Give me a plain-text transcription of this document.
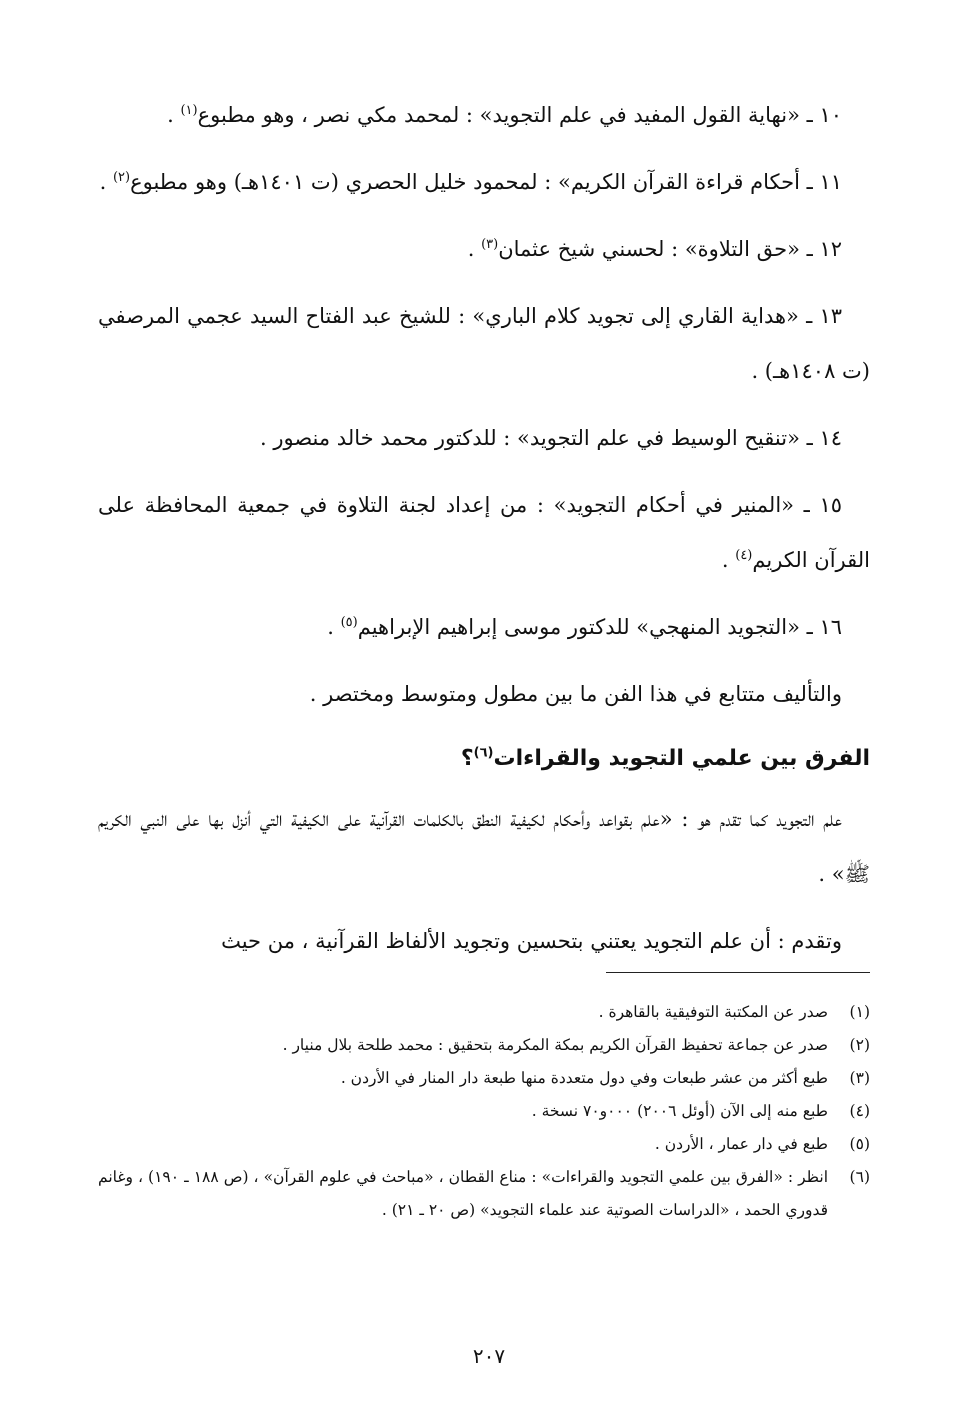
١٠ ـ «نهاية القول المفيد في علم التجويد» : لمحمد مكي نصر ، وهو مطبوع$^{(١)}$ .

١١ ـ أحكام قراءة القرآن الكريم» : لمحمود خليل الحصري (ت ١٤٠١هـ) وهو مطبوع$^{(٢)}$ .

١٢ ـ «حق التلاوة» : لحسني شيخ عثمان$^{(٣)}$ .

١٣ ـ «هداية القاري إلى تجويد كلام الباري» : للشيخ عبد الفتاح السيد عجمي المرصفي (ت ١٤٠٨هـ) .

١٤ ـ «تنقيح الوسيط في علم التجويد» : للدكتور محمد خالد منصور .

١٥ ـ «المنير في أحكام التجويد» : من إعداد لجنة التلاوة في جمعية المحافظة على القرآن الكريم$^{(٤)}$ .

١٦ ـ «التجويد المنهجي» للدكتور موسى إبراهيم الإبراهيم$^{(٥)}$ .

والتأليف متتابع في هذا الفن ما بين مطول ومتوسط ومختصر .

الفرق بين علمي التجويد والقراءات$^{(٦)}$؟

علم التجويد كما تقدم هو : «علم بقواعد وأحكام لكيفية النطق بالكلمات القرآنية على الكيفية التي أنزل بها على النبي الكريم ﷺ» .

وتقدم : أن علم التجويد يعتني بتحسين وتجويد الألفاظ القرآنية ، من حيث

(١)
صدر عن المكتبة التوفيقية بالقاهرة .
(٢)
صدر عن جماعة تحفيظ القرآن الكريم بمكة المكرمة بتحقيق : محمد طلحة بلال منيار .
(٣)
طبع أكثر من عشر طبعات وفي دول متعددة منها طبعة دار المنار في الأردن .
(٤)
طبع منه إلى الآن (أوئل ٢٠٠٦) ٠٠٠و٧٠ نسخة .
(٥)
طبع في دار عمار ، الأردن .
(٦)
انظر : «الفرق بين علمي التجويد والقراءات» : مناع القطان ، «مباحث في علوم القرآن» ، (ص ١٨٨ ـ ١٩٠) ، وغانم قدوري الحمد ، «الدراسات الصوتية عند علماء التجويد» (ص ٢٠ ـ ٢١) .
٢٠٧
